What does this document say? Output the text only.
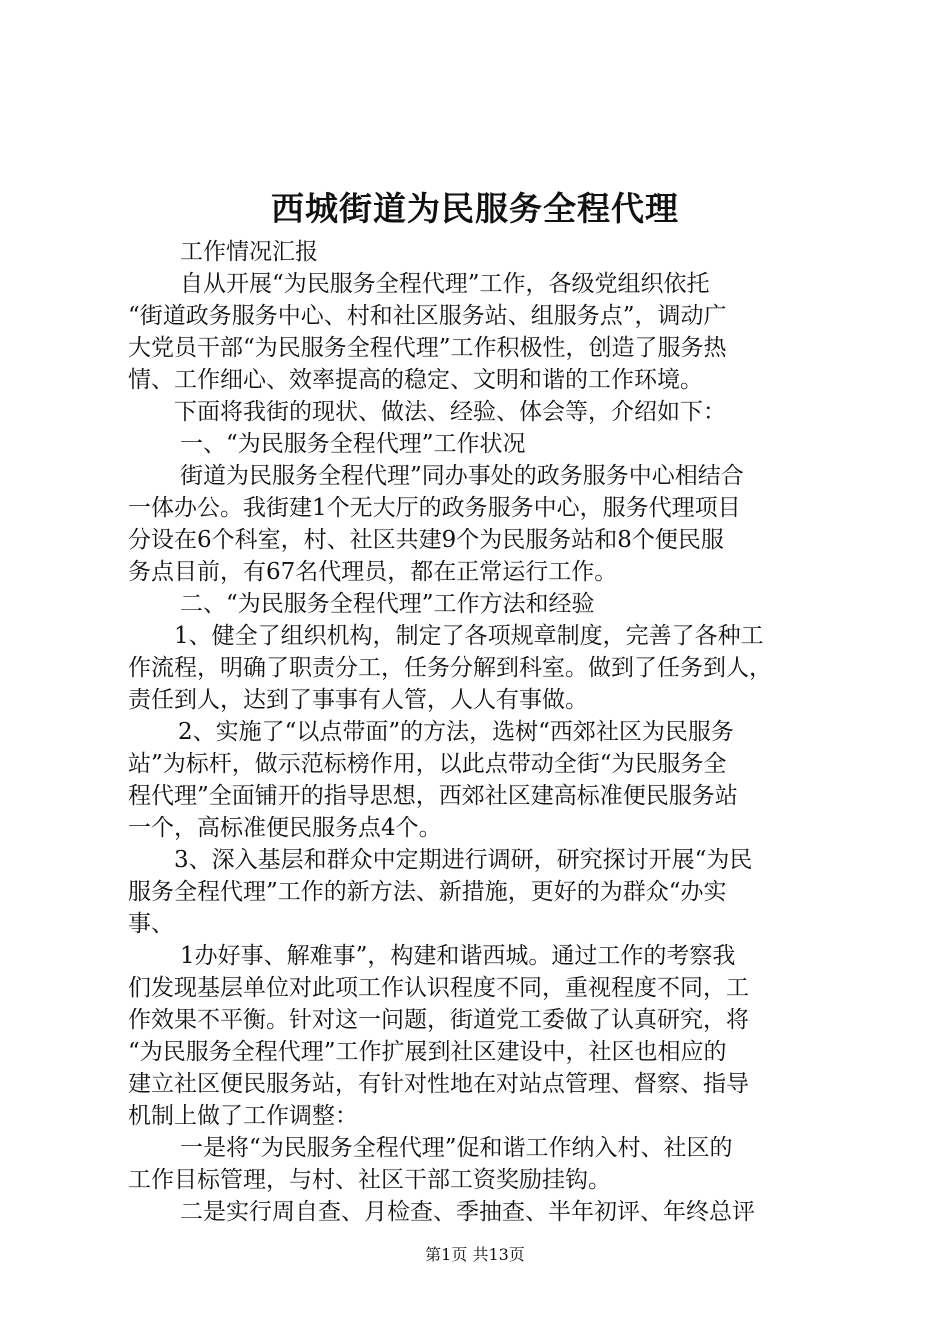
西城街道为民服务全程代理
工作情况汇报
自从开展“为民服务全程代理”工作，各级党组织依托
“街道政务服务中心、村和社区服务站、组服务点”，调动广
大党员干部“为民服务全程代理”工作积极性，创造了服务热
情、工作细心、效率提高的稳定、文明和谐的工作环境。
下面将我街的现状、做法、经验、体会等，介绍如下：
一、“为民服务全程代理”工作状况
街道为民服务全程代理”同办事处的政务服务中心相结合
一体办公。我街建1个无大厅的政务服务中心，服务代理项目
分设在6个科室，村、社区共建9个为民服务站和8个便民服
务点目前，有67名代理员，都在正常运行工作。
二、“为民服务全程代理”工作方法和经验
1、健全了组织机构，制定了各项规章制度，完善了各种工
作流程，明确了职责分工，任务分解到科室。做到了任务到人，
责任到人，达到了事事有人管，人人有事做。
2、实施了“以点带面”的方法，选树“西郊社区为民服务
站”为标杆，做示范标榜作用，以此点带动全街“为民服务全
程代理”全面铺开的指导思想，西郊社区建高标准便民服务站
一个，高标准便民服务点4个。
3、深入基层和群众中定期进行调研，研究探讨开展“为民
服务全程代理”工作的新方法、新措施，更好的为群众“办实
事、
1办好事、解难事”，构建和谐西城。通过工作的考察我
们发现基层单位对此项工作认识程度不同，重视程度不同，工
作效果不平衡。针对这一问题，街道党工委做了认真研究，将
“为民服务全程代理”工作扩展到社区建设中，社区也相应的
建立社区便民服务站，有针对性地在对站点管理、督察、指导
机制上做了工作调整：
一是将“为民服务全程代理”促和谐工作纳入村、社区的
工作目标管理，与村、社区干部工资奖励挂钩。
二是实行周自查、月检查、季抽查、半年初评、年终总评
第1页 共13页
